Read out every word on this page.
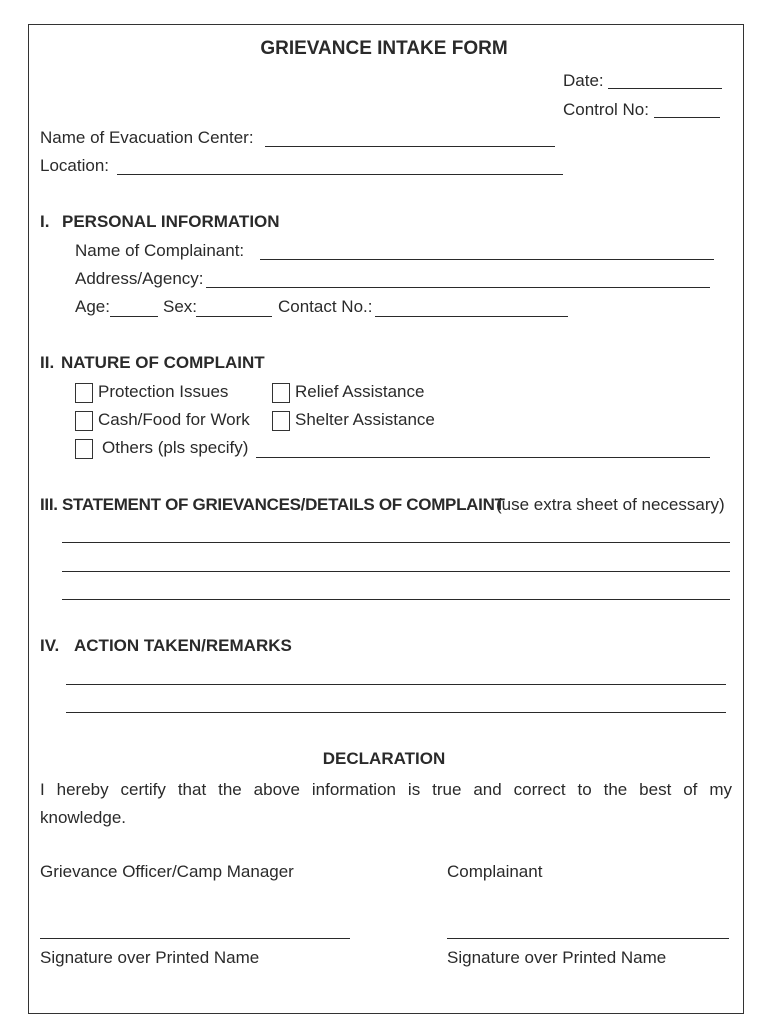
GRIEVANCE INTAKE FORM
Date:
Control No:
Name of Evacuation Center:
Location:
I. PERSONAL INFORMATION
Name of Complainant:
Address/Agency:
Age:	Sex:	Contact No.:
II. NATURE OF COMPLAINT
Protection Issues	Relief Assistance
Cash/Food for Work	Shelter Assistance
Others (pls specify)
III. STATEMENT OF GRIEVANCES/DETAILS OF COMPLAINT
(use extra sheet of necessary)
IV. ACTION TAKEN/REMARKS
DECLARATION
I hereby certify that the above information is true and correct to the best of my knowledge.
Grievance Officer/Camp Manager	Complainant
Signature over Printed Name	Signature over Printed Name
